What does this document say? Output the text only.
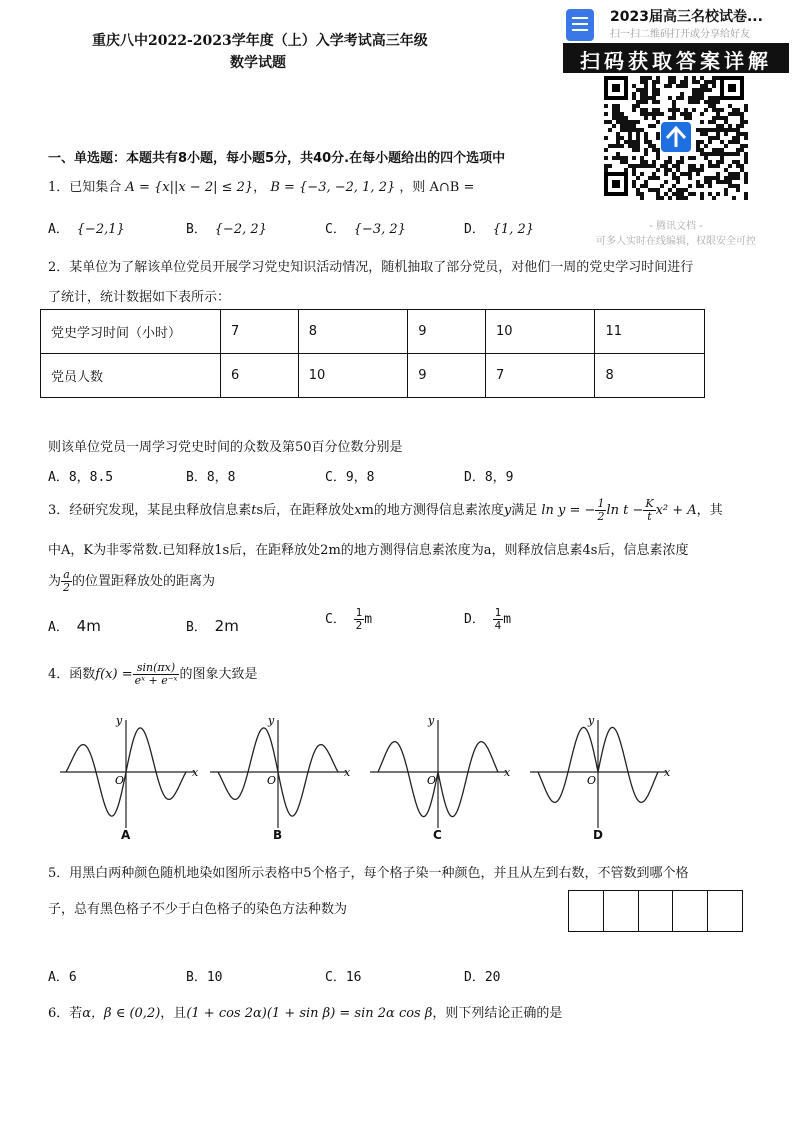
重庆八中2022-2023学年度（上）入学考试高三年级
数学试题
2023届高三名校试卷...
扫一扫二维码打开或分享给好友
扫码获取答案详解
- 腾讯文档 -
可多人实时在线编辑，权限安全可控
一、单选题：本题共有8小题，每小题5分，共40分.在每小题给出的四个选项中
1．已知集合 A = {x||x − 2| ≤ 2}， B = {−3, −2, 1, 2} ，则 A∩B =
A． {−2,1}	B． {−2, 2}	C． {−3, 2}	D． {1, 2}
2．某单位为了解该单位党员开展学习党史知识活动情况，随机抽取了部分党员，对他们一周的党史学习时间进行
了统计，统计数据如下表所示：
党史学习时间（小时）	7	8	9	10	11
党员人数	6	10	9	7	8
则该单位党员一周学习党史时间的众数及第50百分位数分别是
A．8，8.5	B．8，8	C．9，8	D．8，9
3．经研究发现，某昆虫释放信息素ts后，在距释放处xm的地方测得信息素浓度y满足 ln y = − $\frac{1}{2}$ $\ln t - \frac{K}{t} x^2 + A$，其
中A，K为非零常数.已知释放1s后，在距释放处2m的地方测得信息素浓度为a，则释放信息素4s后，信息素浓度
为 $\frac{a}{2}$ 的位置距释放处的距离为
A． 4m	B． 2m	C． $\frac{1}{2}$ m	D． $\frac{1}{4}$ m
4．函数$f(x) = \frac{\sin(\pi x)}{\text{eˣ + e⁻ˣ}}$ 的图象大致是
x
y
O
x
y
O
x
y
O
x
y
O
A	B	C	D
5．用黑白两种颜色随机地染如图所示表格中5个格子，每个格子染一种颜色，并且从左到右数，不管数到哪个格
子，总有黑色格子不少于白色格子的染色方法种数为
A．6	B．10	C．16	D．20
6．若α，β ∈ (0,2)，且(1 + cos 2α)(1 + sin β) = sin 2α cos β，则下列结论正确的是
